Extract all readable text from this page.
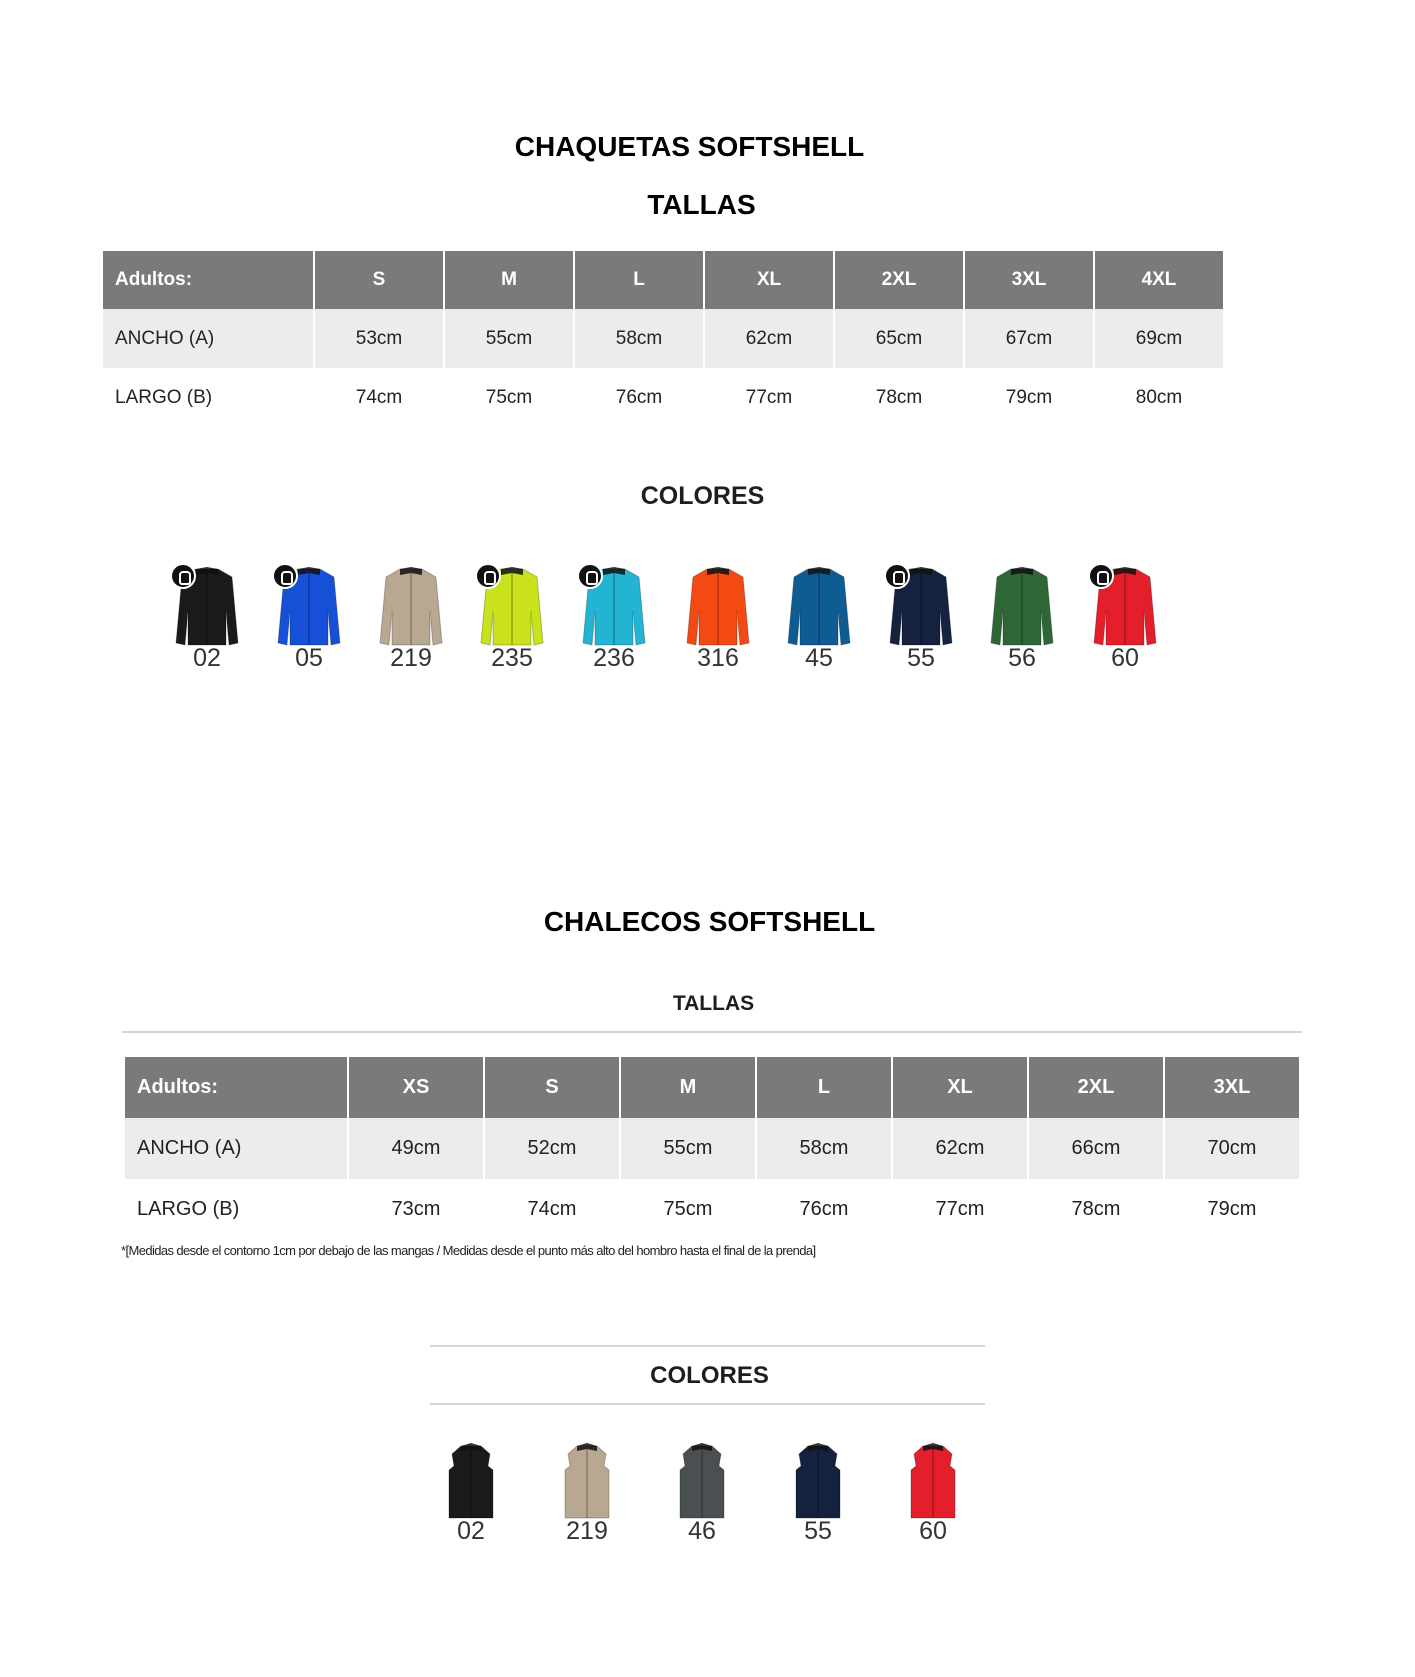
CHAQUETAS SOFTSHELL
TALLAS
Adultos:	S	M	L	XL	2XL	3XL	4XL
ANCHO (A)	53cm	55cm	58cm	62cm	65cm	67cm	69cm
LARGO (B)	74cm	75cm	76cm	77cm	78cm	79cm	80cm
COLORES
02	05	219	235	236	316	45	55	56	60
CHALECOS SOFTSHELL
TALLAS
Adultos:	XS	S	M	L	XL	2XL	3XL
ANCHO (A)	49cm	52cm	55cm	58cm	62cm	66cm	70cm
LARGO (B)	73cm	74cm	75cm	76cm	77cm	78cm	79cm
*[Medidas desde el contorno 1cm por debajo de las mangas / Medidas desde el punto más alto del hombro hasta el final de la prenda]
COLORES
02	219	46	55	60
